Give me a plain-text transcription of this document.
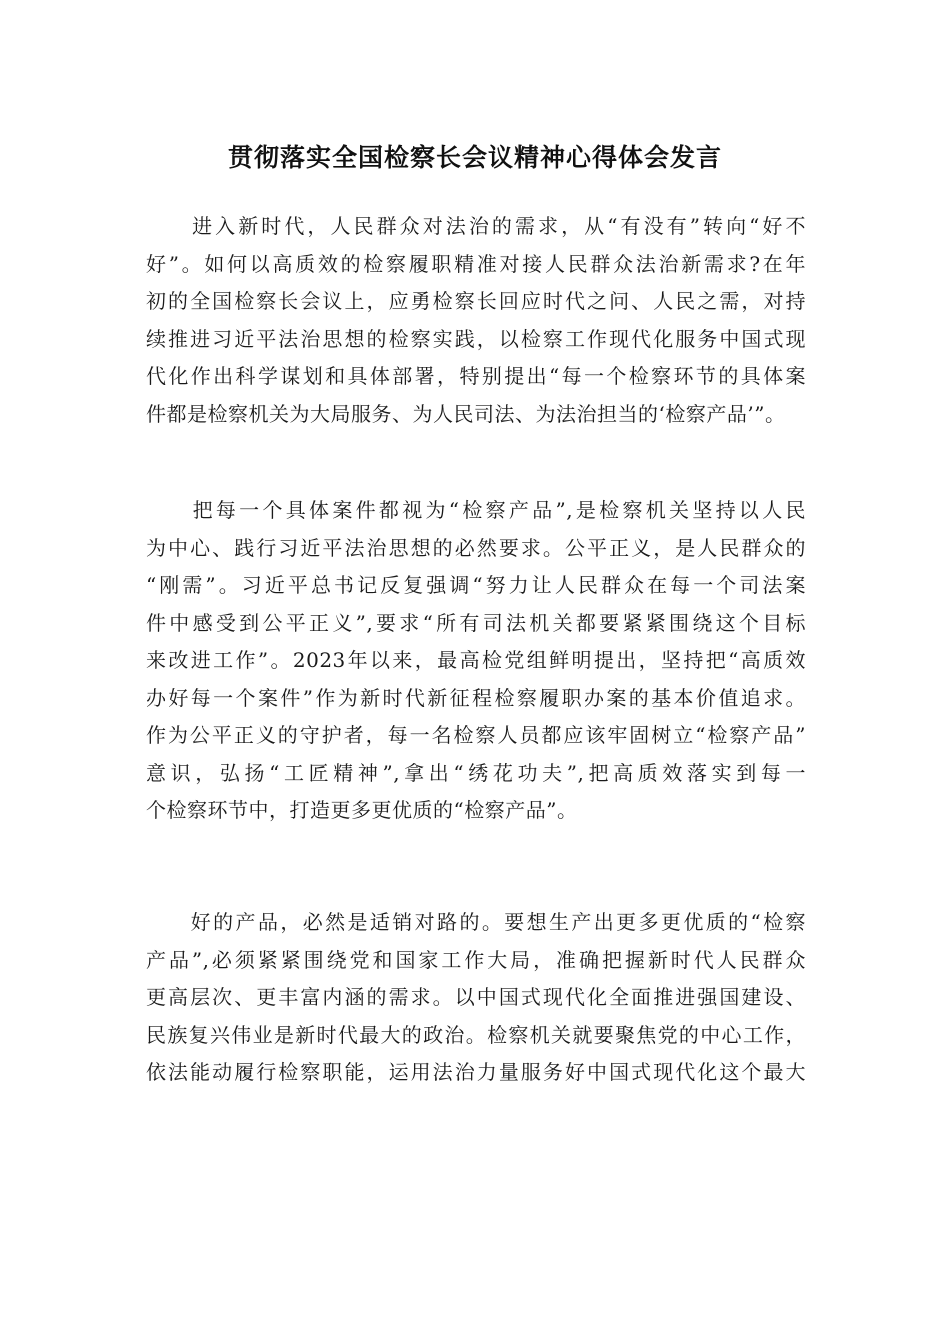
贯彻落实全国检察长会议精神心得体会发言
　　进入新时代，人民群众对法治的需求，从“有没有”转向“好不
好”。如何以高质效的检察履职精准对接人民群众法治新需求?在年
初的全国检察长会议上，应勇检察长回应时代之问、人民之需，对持
续推进习近平法治思想的检察实践，以检察工作现代化服务中国式现
代化作出科学谋划和具体部署，特别提出“每一个检察环节的具体案
件都是检察机关为大局服务、为人民司法、为法治担当的‘检察产品’”。
　　把每一个具体案件都视为“检察产品”,是检察机关坚持以人民
为中心、践行习近平法治思想的必然要求。公平正义，是人民群众的
“刚需”。习近平总书记反复强调“努力让人民群众在每一个司法案
件中感受到公平正义”,要求“所有司法机关都要紧紧围绕这个目标
来改进工作”。2023年以来，最高检党组鲜明提出，坚持把“高质效
办好每一个案件”作为新时代新征程检察履职办案的基本价值追求。
作为公平正义的守护者，每一名检察人员都应该牢固树立“检察产品”
意识，弘扬“工匠精神”,拿出“绣花功夫”,把高质效落实到每一
个检察环节中，打造更多更优质的“检察产品”。
　　好的产品，必然是适销对路的。要想生产出更多更优质的“检察
产品”,必须紧紧围绕党和国家工作大局，准确把握新时代人民群众
更高层次、更丰富内涵的需求。以中国式现代化全面推进强国建设、
民族复兴伟业是新时代最大的政治。检察机关就要聚焦党的中心工作，
依法能动履行检察职能，运用法治力量服务好中国式现代化这个最大
